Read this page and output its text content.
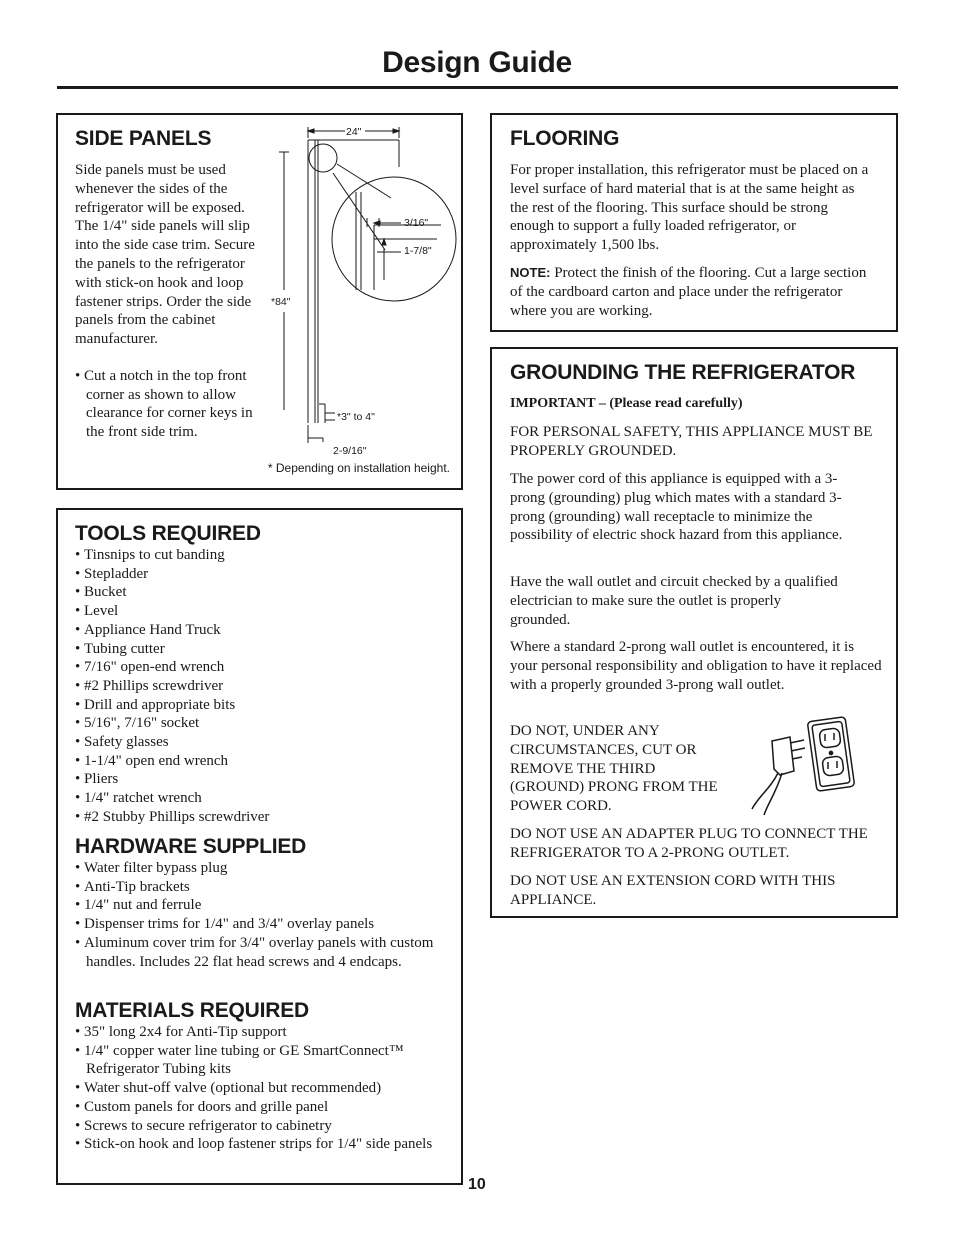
Design Guide
SIDE PANELS

Side panels must be used whenever the sides of the refrigerator will be exposed. The 1/4" side panels will slip into the side case trim. Secure the panels to the refrigerator with stick-on hook and loop fastener strips. Order the side panels from the cabinet manufacturer.

• Cut a notch in the top front corner as shown to allow clearance for corner keys in the front side trim.
24"
3/16"
1-7/8"
*84"
*3" to 4"
2-9/16"
* Depending on installation height.
TOOLS REQUIRED
• Tinsnips to cut banding
• Stepladder
• Bucket
• Level
• Appliance Hand Truck
• Tubing cutter
• 7/16" open-end wrench
• #2 Phillips screwdriver
• Drill and appropriate bits
• 5/16", 7/16" socket
• Safety glasses
• 1-1/4" open end wrench
• Pliers
• 1/4" ratchet wrench
• #2 Stubby Phillips screwdriver
HARDWARE SUPPLIED
• Water filter bypass plug
• Anti-Tip brackets
• 1/4" nut and ferrule
• Dispenser trims for 1/4" and 3/4" overlay panels
• Aluminum cover trim for 3/4" overlay panels with custom handles. Includes 22 flat head screws and 4 endcaps.
MATERIALS REQUIRED
• 35" long 2x4 for Anti-Tip support
• 1/4" copper water line tubing or GE SmartConnect™ Refrigerator Tubing kits
• Water shut-off valve (optional but recommended)
• Custom panels for doors and grille panel
• Screws to secure refrigerator to cabinetry
• Stick-on hook and loop fastener strips for 1/4" side panels
FLOORING

For proper installation, this refrigerator must be placed on a level surface of hard material that is at the same height as the rest of the flooring. This surface should be strong enough to support a fully loaded refrigerator, or approximately 1,500 lbs.

NOTE: Protect the finish of the flooring. Cut a large section of the cardboard carton and place under the refrigerator where you are working.

GROUNDING THE REFRIGERATOR

IMPORTANT – (Please read carefully)

FOR PERSONAL SAFETY, THIS APPLIANCE MUST BE PROPERLY GROUNDED.

The power cord of this appliance is equipped with a 3-prong (grounding) plug which mates with a standard 3-prong (grounding) wall receptacle to minimize the possibility of electric shock hazard from this appliance.

Have the wall outlet and circuit checked by a qualified electrician to make sure the outlet is properly grounded.

Where a standard 2-prong wall outlet is encountered, it is your personal responsibility and obligation to have it replaced with a properly grounded 3-prong wall outlet.

DO NOT, UNDER ANY CIRCUMSTANCES, CUT OR REMOVE THE THIRD (GROUND) PRONG FROM THE POWER CORD.

DO NOT USE AN ADAPTER PLUG TO CONNECT THE REFRIGERATOR TO A 2-PRONG OUTLET.

DO NOT USE AN EXTENSION CORD WITH THIS APPLIANCE.

10
